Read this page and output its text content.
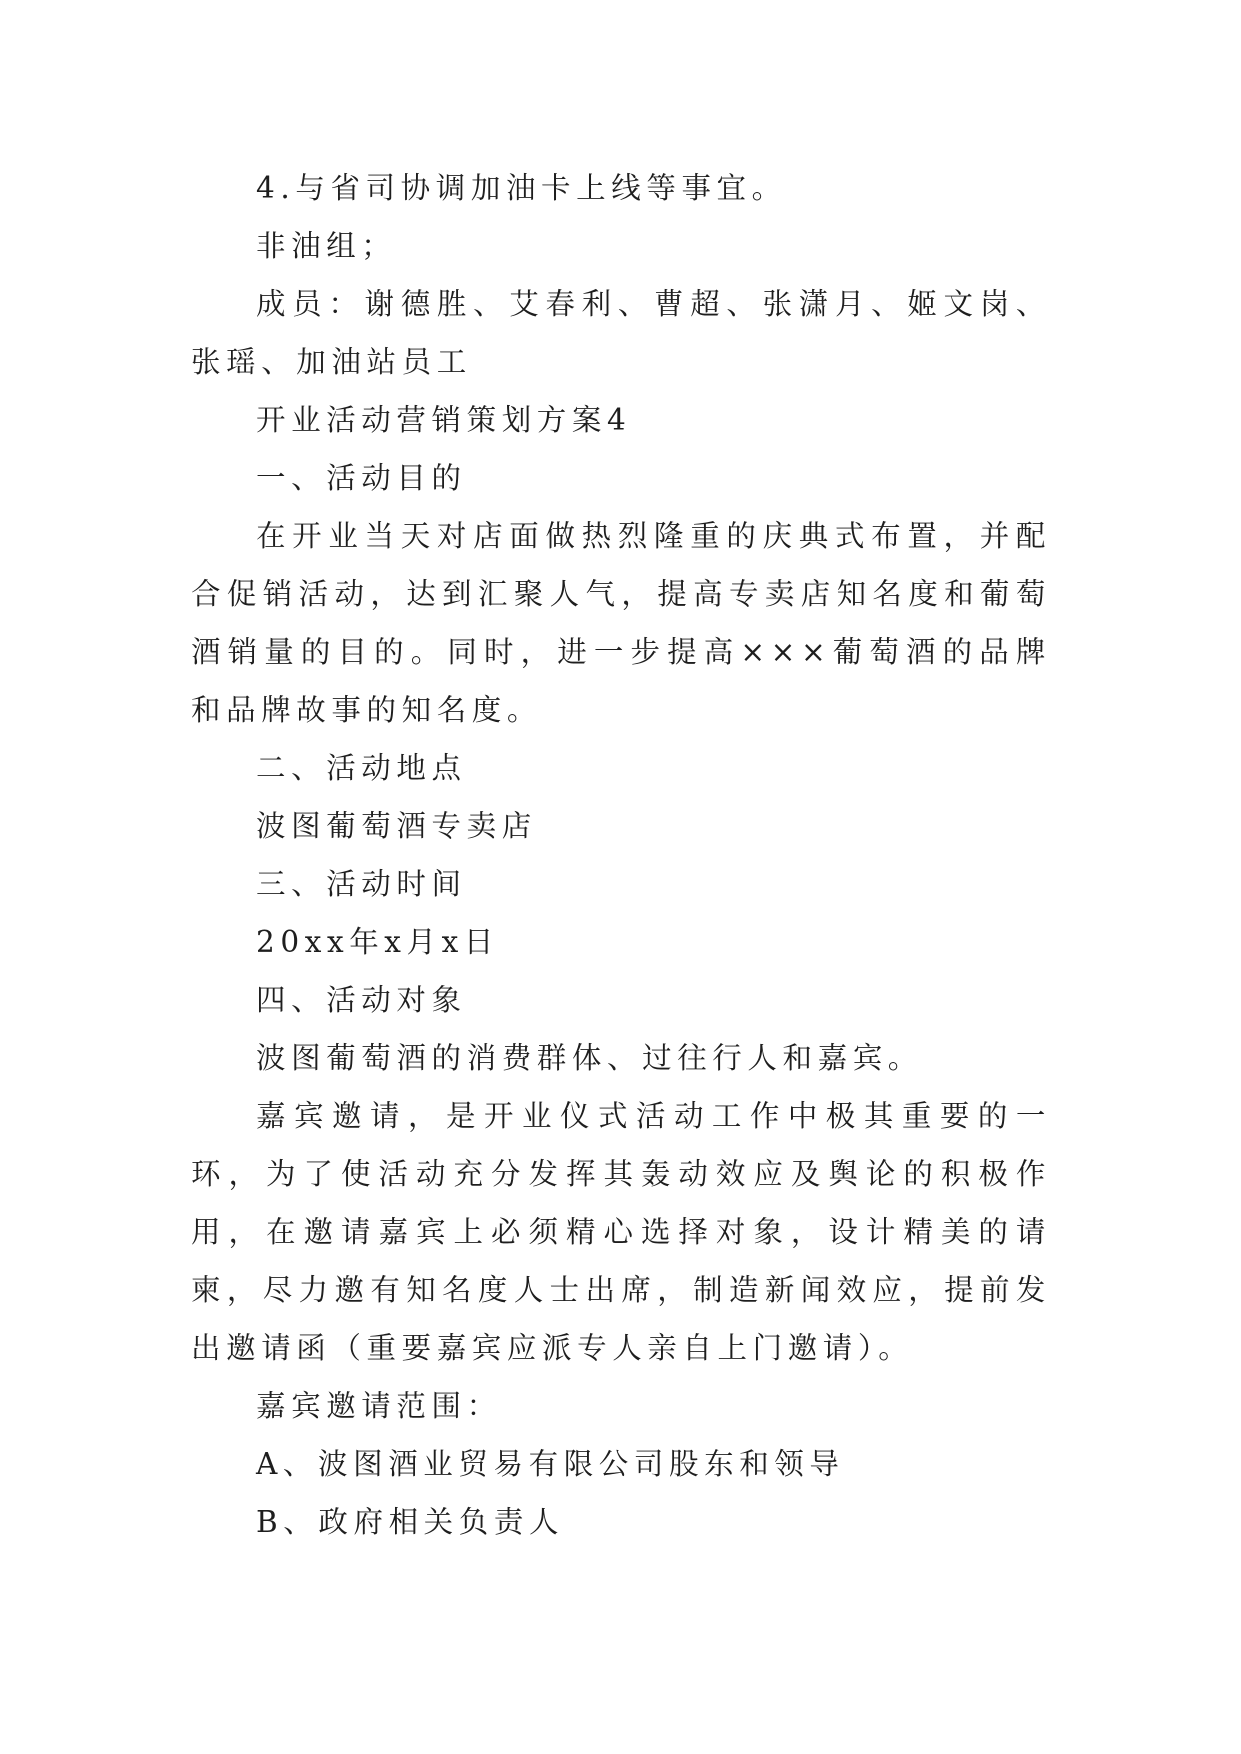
4.与省司协调加油卡上线等事宜。

非油组；

成员：谢德胜、艾春利、曹超、张潇月、姬文岗、张瑶、加油站员工

开业活动营销策划方案4

一、活动目的

在开业当天对店面做热烈隆重的庆典式布置，并配合促销活动，达到汇聚人气，提高专卖店知名度和葡萄酒销量的目的。同时，进一步提高×××葡萄酒的品牌和品牌故事的知名度。

二、活动地点

波图葡萄酒专卖店

三、活动时间

20xx年x月x日

四、活动对象

波图葡萄酒的消费群体、过往行人和嘉宾。

嘉宾邀请，是开业仪式活动工作中极其重要的一环，为了使活动充分发挥其轰动效应及舆论的积极作用，在邀请嘉宾上必须精心选择对象，设计精美的请柬，尽力邀有知名度人士出席，制造新闻效应，提前发出邀请函（重要嘉宾应派专人亲自上门邀请）。

嘉宾邀请范围：

A、波图酒业贸易有限公司股东和领导

B、政府相关负责人
